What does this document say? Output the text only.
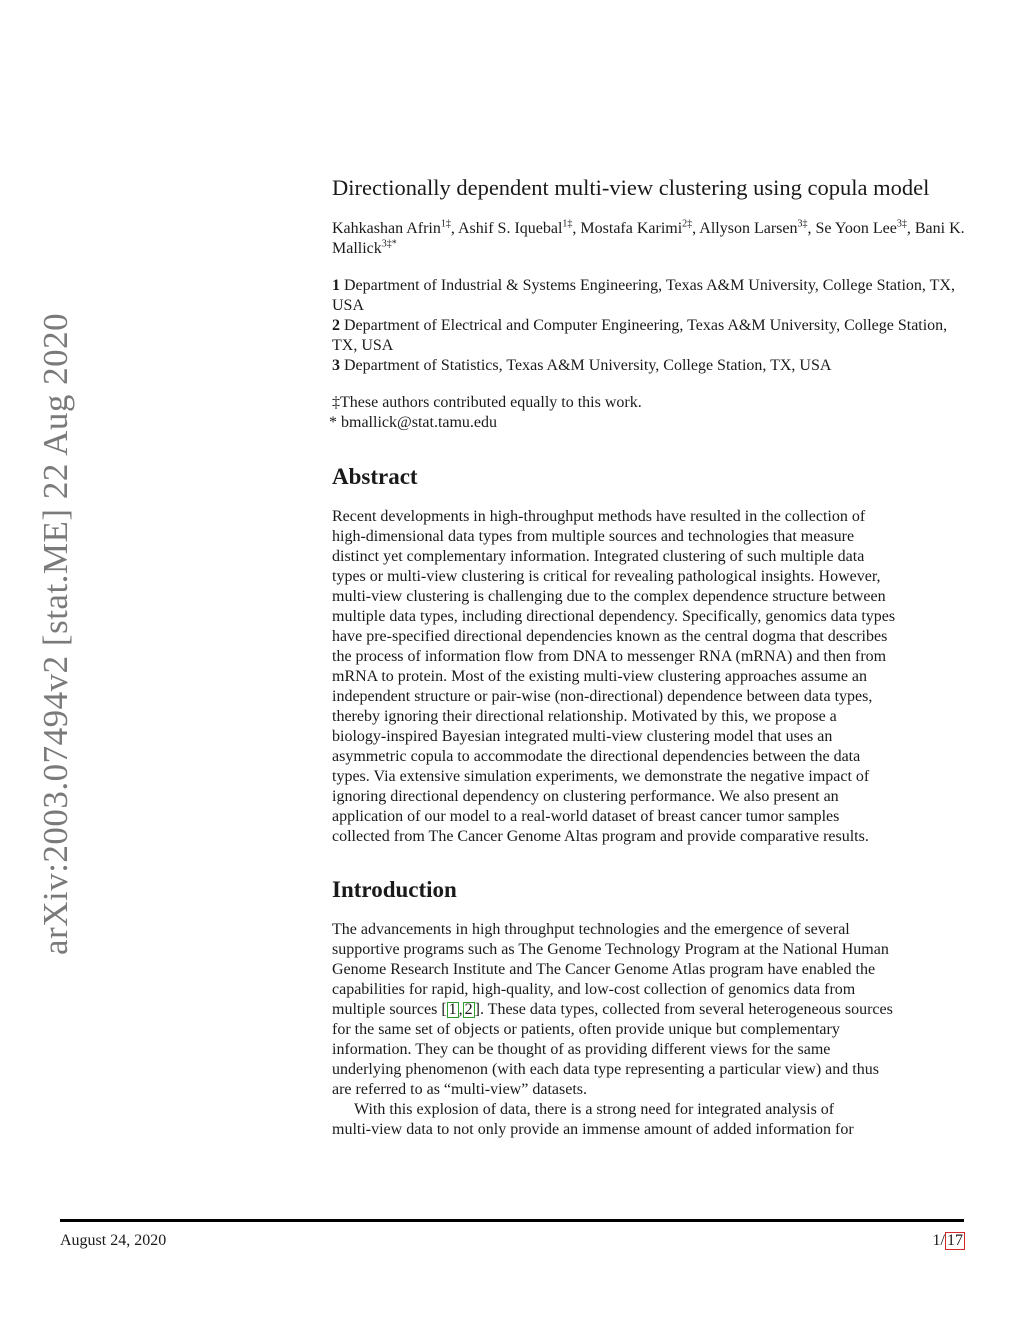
arXiv:2003.07494v2 [stat.ME] 22 Aug 2020
Directionally dependent multi-view clustering using copula model
Kahkashan Afrin$^{1\ddagger}$, Ashif S. Iquebal$^{1\ddagger}$, Mostafa Karimi$^{2\ddagger}$, Allyson Larsen$^{3\ddagger}$, Se Yoon Lee$^{3\ddagger}$, Bani K. Mallick$^{3\ddagger*}$
1 Department of Industrial & Systems Engineering, Texas A&M University, College Station, TX, USA
2 Department of Electrical and Computer Engineering, Texas A&M University, College Station, TX, USA
3 Department of Statistics, Texas A&M University, College Station, TX, USA
‡These authors contributed equally to this work.
* bmallick@stat.tamu.edu
Abstract
Recent developments in high-throughput methods have resulted in the collection of
high-dimensional data types from multiple sources and technologies that measure
distinct yet complementary information. Integrated clustering of such multiple data
types or multi-view clustering is critical for revealing pathological insights. However,
multi-view clustering is challenging due to the complex dependence structure between
multiple data types, including directional dependency. Specifically, genomics data types
have pre-specified directional dependencies known as the central dogma that describes
the process of information flow from DNA to messenger RNA (mRNA) and then from
mRNA to protein. Most of the existing multi-view clustering approaches assume an
independent structure or pair-wise (non-directional) dependence between data types,
thereby ignoring their directional relationship. Motivated by this, we propose a
biology-inspired Bayesian integrated multi-view clustering model that uses an
asymmetric copula to accommodate the directional dependencies between the data
types. Via extensive simulation experiments, we demonstrate the negative impact of
ignoring directional dependency on clustering performance. We also present an
application of our model to a real-world dataset of breast cancer tumor samples
collected from The Cancer Genome Altas program and provide comparative results.
Introduction
The advancements in high throughput technologies and the emergence of several
supportive programs such as The Genome Technology Program at the National Human
Genome Research Institute and The Cancer Genome Atlas program have enabled the
capabilities for rapid, high-quality, and low-cost collection of genomics data from
multiple sources [ 1 , 2 ]. These data types, collected from several heterogeneous sources
for the same set of objects or patients, often provide unique but complementary
information. They can be thought of as providing different views for the same
underlying phenomenon (with each data type representing a particular view) and thus
are referred to as “multi-view” datasets.
With this explosion of data, there is a strong need for integrated analysis of
multi-view data to not only provide an immense amount of added information for
August 24, 2020	1/ 17
